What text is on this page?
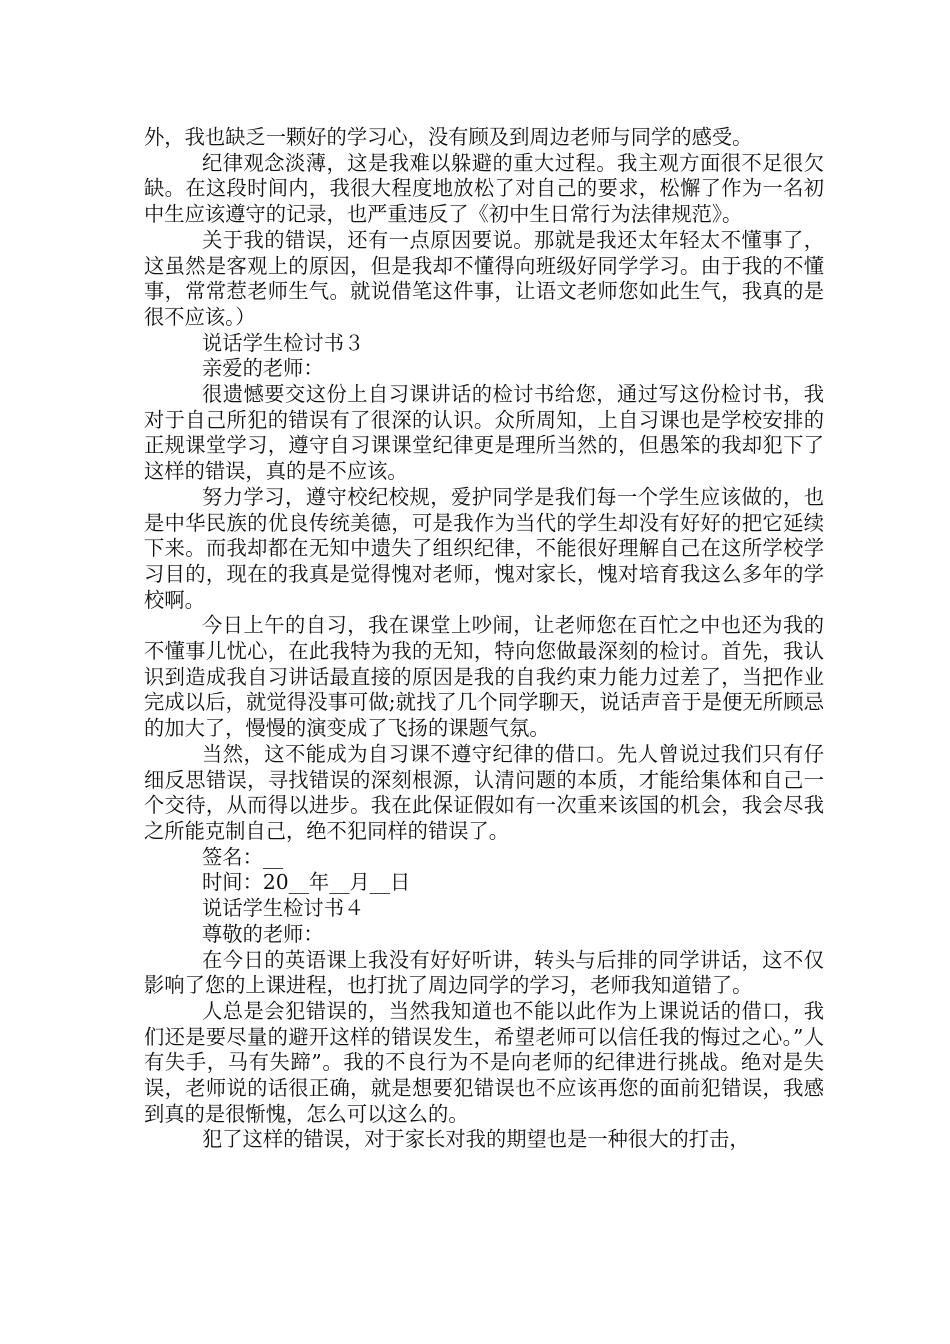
外，我也缺乏一颗好的学习心，没有顾及到周边老师与同学的感受。

纪律观念淡薄，这是我难以躲避的重大过程。我主观方面很不足很欠缺。在这段时间内，我很大程度地放松了对自己的要求，松懈了作为一名初中生应该遵守的记录，也严重违反了《初中生日常行为法律规范》。

关于我的错误，还有一点原因要说。那就是我还太年轻太不懂事了，这虽然是客观上的原因，但是我却不懂得向班级好同学学习。由于我的不懂事，常常惹老师生气。就说借笔这件事，让语文老师您如此生气，我真的是很不应该。）

说话学生检讨书３

亲爱的老师：

很遗憾要交这份上自习课讲话的检讨书给您，通过写这份检讨书，我对于自己所犯的错误有了很深的认识。众所周知，上自习课也是学校安排的正规课堂学习，遵守自习课课堂纪律更是理所当然的，但愚笨的我却犯下了这样的错误，真的是不应该。

努力学习，遵守校纪校规，爱护同学是我们每一个学生应该做的，也是中华民族的优良传统美德，可是我作为当代的学生却没有好好的把它延续下来。而我却都在无知中遗失了组织纪律，不能很好理解自己在这所学校学习目的，现在的我真是觉得愧对老师，愧对家长，愧对培育我这么多年的学校啊。

今日上午的自习，我在课堂上吵闹，让老师您在百忙之中也还为我的不懂事儿忧心，在此我特为我的无知，特向您做最深刻的检讨。首先，我认识到造成我自习讲话最直接的原因是我的自我约束力能力过差了，当把作业完成以后，就觉得没事可做;就找了几个同学聊天，说话声音于是便无所顾忌的加大了，慢慢的演变成了飞扬的课题气氛。

当然，这不能成为自习课不遵守纪律的借口。先人曾说过我们只有仔细反思错误，寻找错误的深刻根源，认清问题的本质，才能给集体和自己一个交待，从而得以进步。我在此保证假如有一次重来该国的机会，我会尽我之所能克制自己，绝不犯同样的错误了。

签名：__

时间：20__年__月__日

说话学生检讨书４

尊敬的老师：

在今日的英语课上我没有好好听讲，转头与后排的同学讲话，这不仅影响了您的上课进程，也打扰了周边同学的学习，老师我知道错了。

人总是会犯错误的，当然我知道也不能以此作为上课说话的借口，我们还是要尽量的避开这样的错误发生，希望老师可以信任我的悔过之心。”人有失手，马有失蹄”。我的不良行为不是向老师的纪律进行挑战。绝对是失误，老师说的话很正确，就是想要犯错误也不应该再您的面前犯错误，我感到真的是很惭愧，怎么可以这么的。

犯了这样的错误，对于家长对我的期望也是一种很大的打击，
